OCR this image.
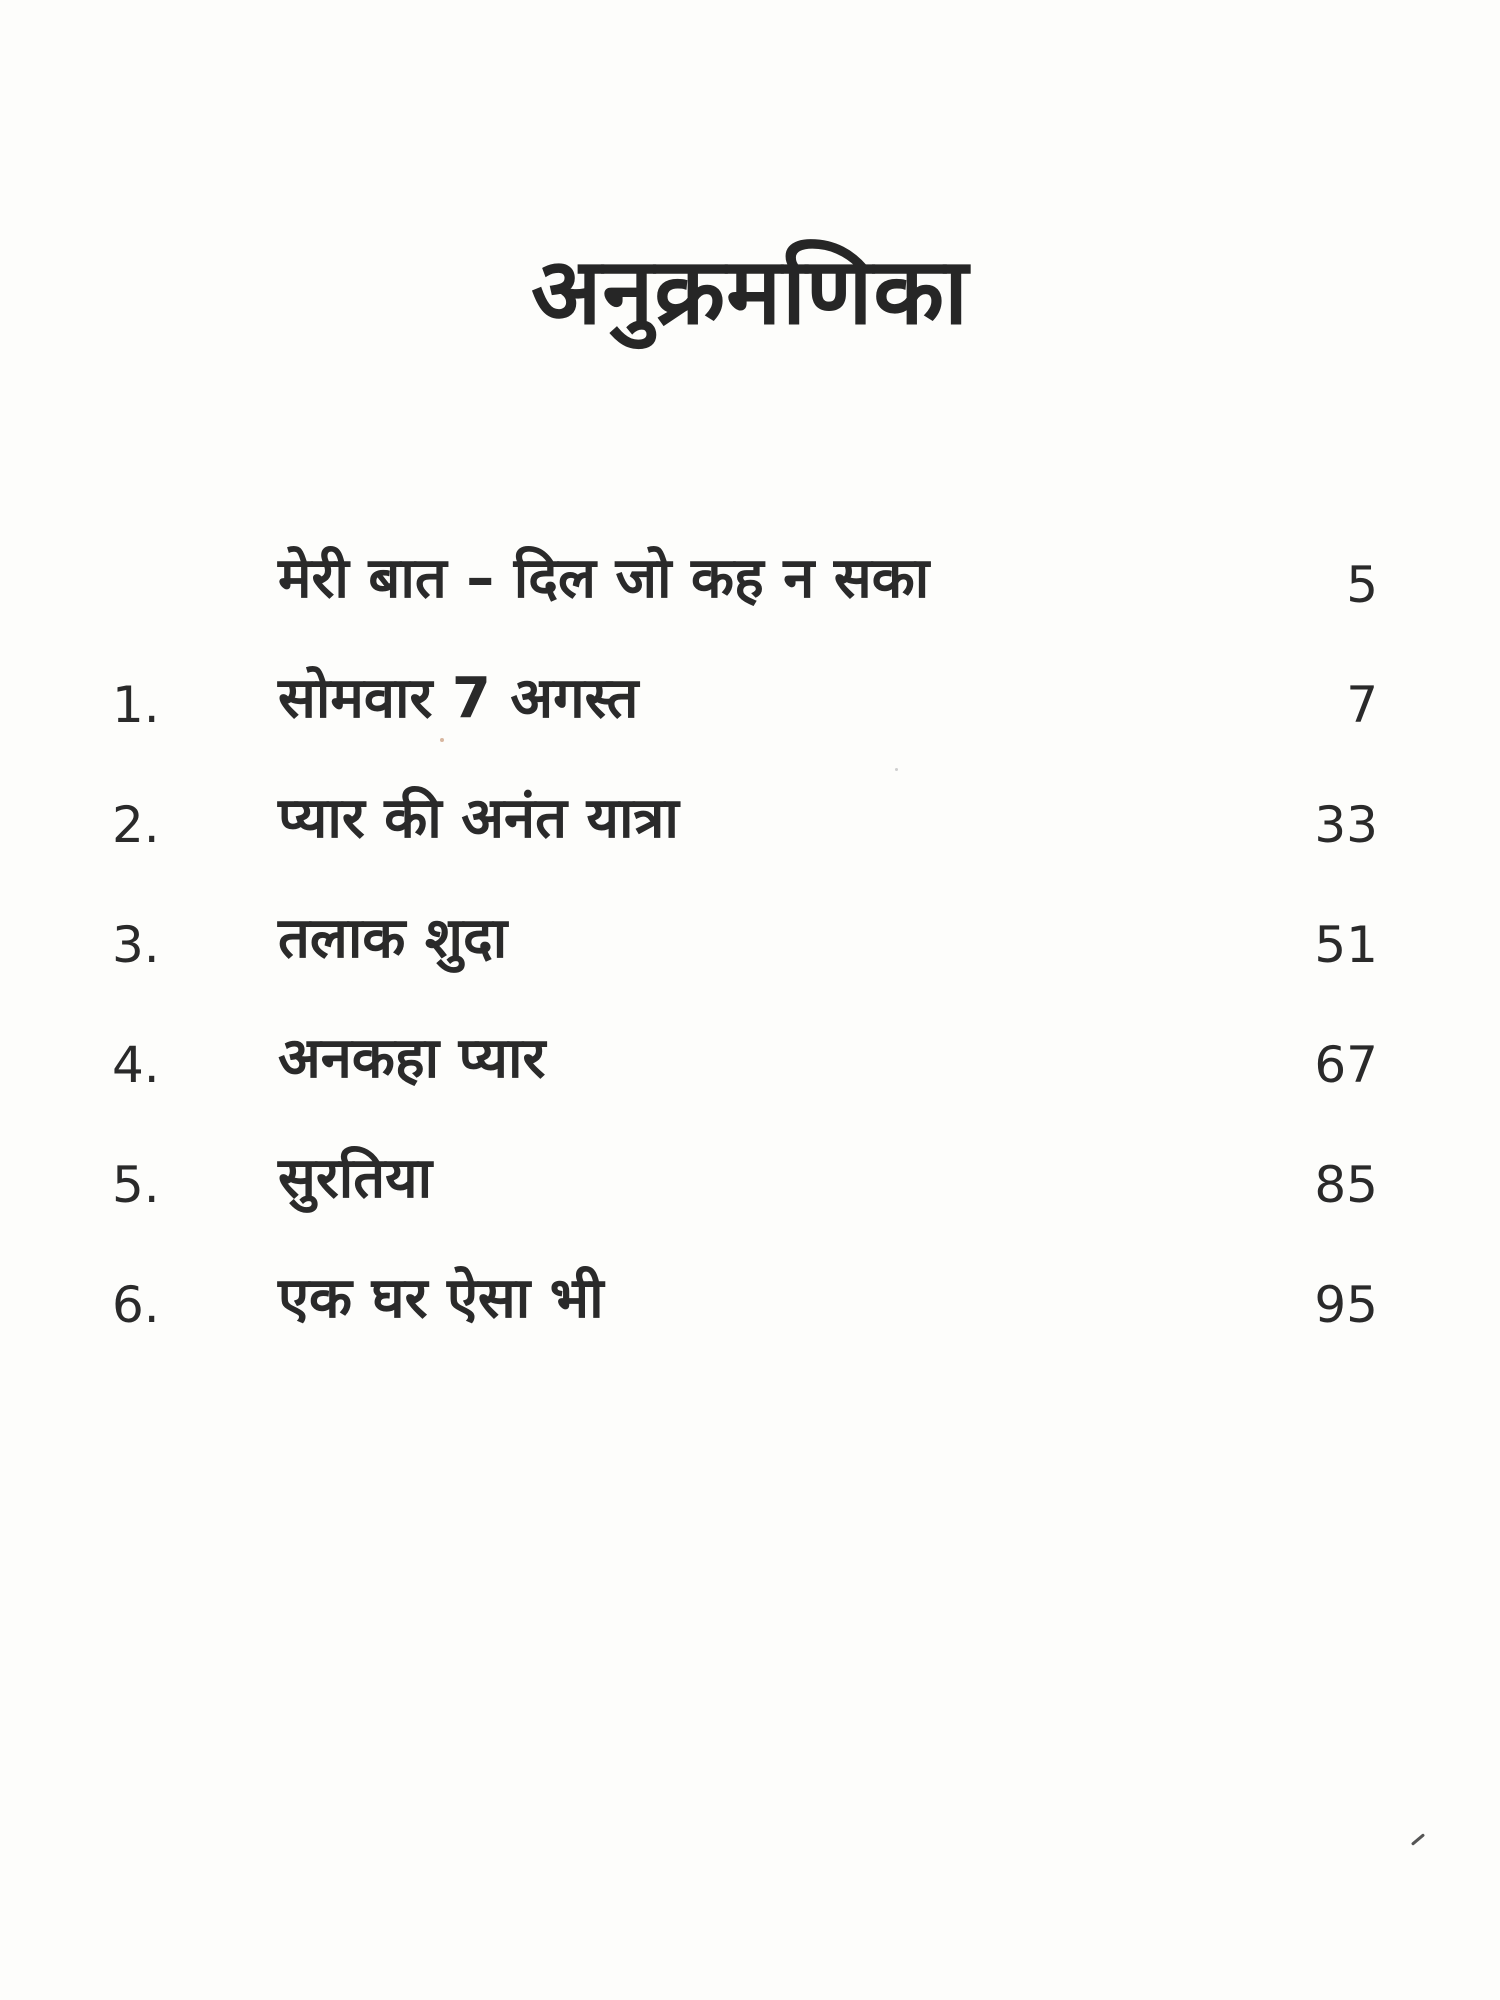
अनुक्रमणिका
मेरी बात – दिल जो कह न सका	5
1. सोमवार 7 अगस्त	7
2. प्यार की अनंत यात्रा	33
3. तलाक शुदा	51
4. अनकहा प्यार	67
5. सुरतिया	85
6. एक घर ऐसा भी	95
